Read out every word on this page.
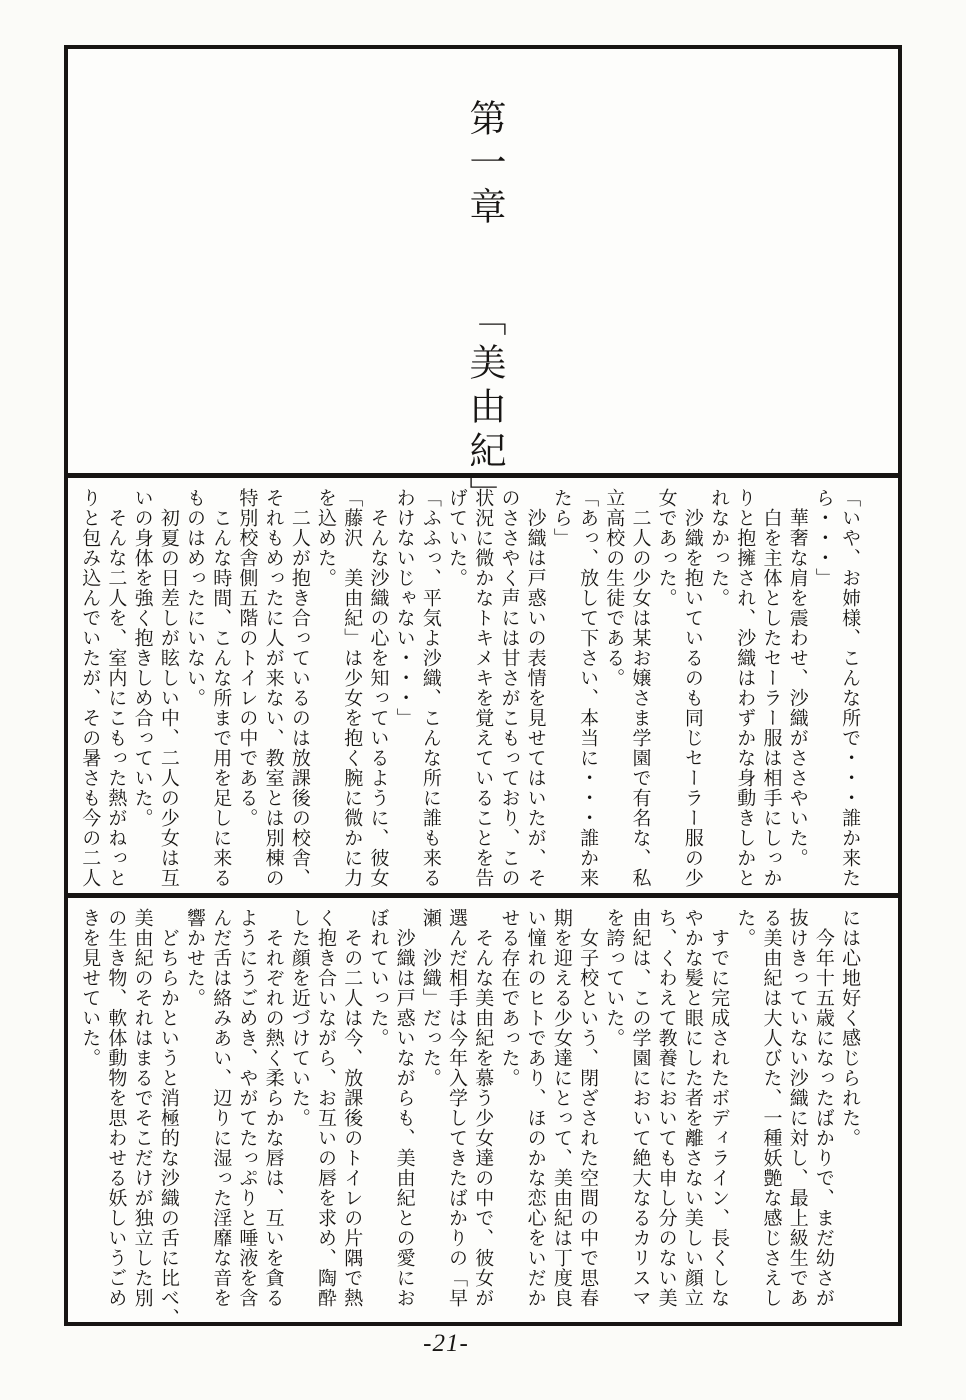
第一章 「美由紀」
「いや、お姉様、こんな所で・・・誰か来た
ら・・・」
　華奢な肩を震わせ、沙織がささやいた。
　白を主体としたセーラー服は相手にしっか
りと抱擁され、沙織はわずかな身動きしかと
れなかった。
　沙織を抱いているのも同じセーラー服の少
女であった。
　二人の少女は某お嬢さま学園で有名な、私
立高校の生徒である。
「あっ、放して下さい、本当に・・・誰か来
たら」
　沙織は戸惑いの表情を見せてはいたが、そ
のささやく声には甘さがこもっており、この
状況に微かなトキメキを覚えていることを告
げていた。
「ふふっ、平気よ沙織、こんな所に誰も来る
わけないじゃない・・・」
　そんな沙織の心を知っているように、彼女
「藤沢　美由紀」は少女を抱く腕に微かに力
を込めた。
　二人が抱き合っているのは放課後の校舎、
それもめったに人が来ない、教室とは別棟の
特別校舎側五階のトイレの中である。
　こんな時間、こんな所まで用を足しに来る
ものはめったにいない。
　初夏の日差しが眩しい中、二人の少女は互
いの身体を強く抱きしめ合っていた。
　そんな二人を、室内にこもった熱がねっと
りと包み込んでいたが、その暑さも今の二人
には心地好く感じられた。
　今年十五歳になったばかりで、まだ幼さが
抜けきっていない沙織に対し、最上級生であ
る美由紀は大人びた、一種妖艶な感じさえし
た。
　すでに完成されたボディライン、長くしな
やかな髪と眼にした者を離さない美しい顔立
ち、くわえて教養においても申し分のない美
由紀は、この学園において絶大なるカリスマ
を誇っていた。
　女子校という、閉ざされた空間の中で思春
期を迎える少女達にとって、美由紀は丁度良
い憧れのヒトであり、ほのかな恋心をいだか
せる存在であった。
　そんな美由紀を慕う少女達の中で、彼女が
選んだ相手は今年入学してきたばかりの「早
瀬　沙織」だった。
　沙織は戸惑いながらも、美由紀との愛にお
ぼれていった。
　その二人は今、放課後のトイレの片隅で熱
く抱き合いながら、お互いの唇を求め、陶酔
した顔を近づけていた。
　それぞれの熱く柔らかな唇は、互いを貪る
ようにうごめき、やがてたっぷりと唾液を含
んだ舌は絡みあい、辺りに湿った淫靡な音を
響かせた。
　どちらかというと消極的な沙織の舌に比べ、
美由紀のそれはまるでそこだけが独立した別
の生き物、軟体動物を思わせる妖しいうごめ
きを見せていた。
-21-
